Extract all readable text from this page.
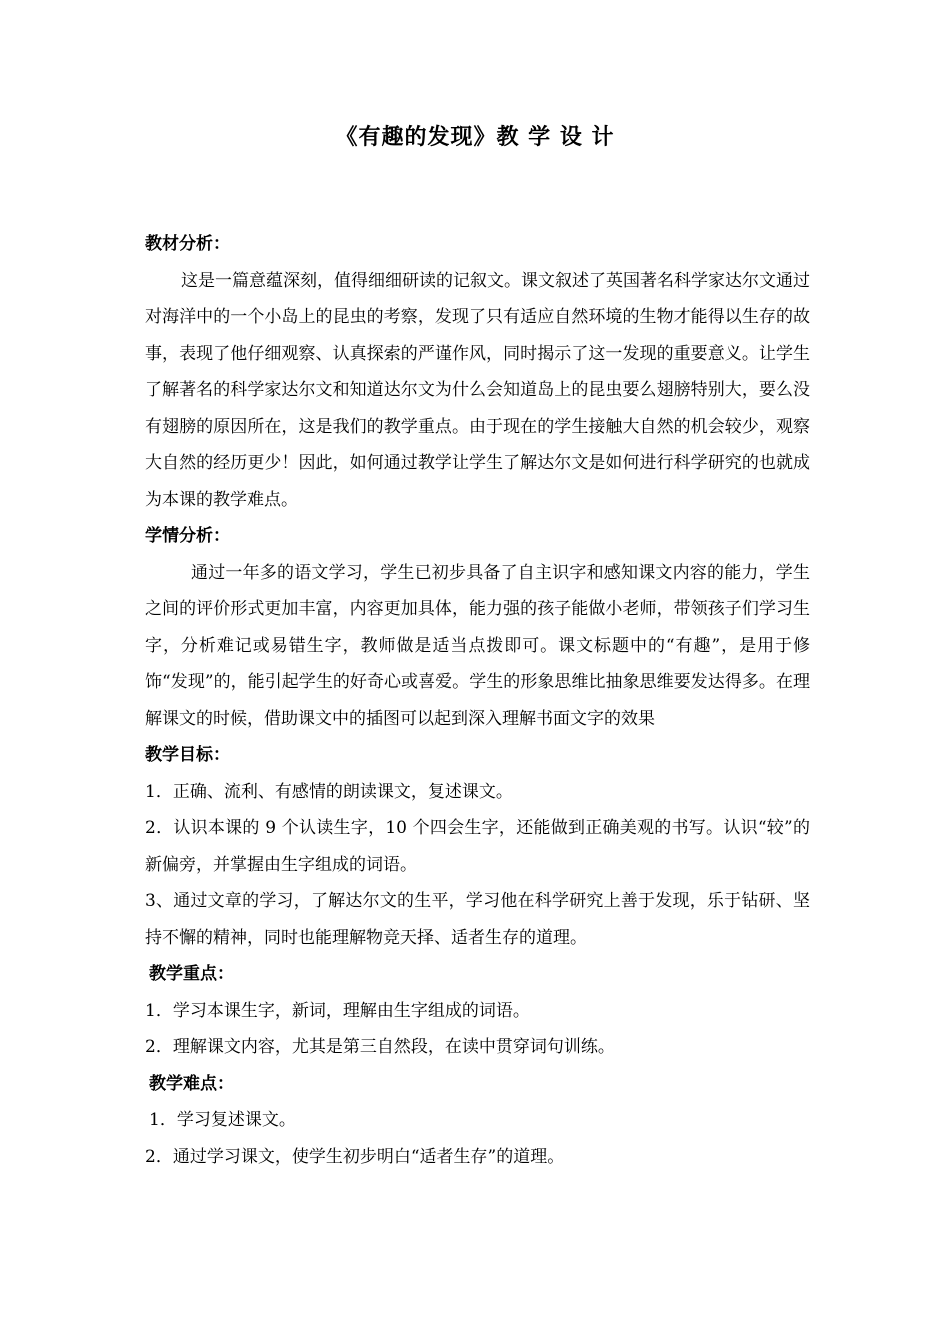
《有趣的发现》教 学 设 计

教材分析：

这是一篇意蕴深刻，值得细细研读的记叙文。课文叙述了英国著名科学家达尔文通过对海洋中的一个小岛上的昆虫的考察，发现了只有适应自然环境的生物才能得以生存的故事，表现了他仔细观察、认真探索的严谨作风，同时揭示了这一发现的重要意义。让学生了解著名的科学家达尔文和知道达尔文为什么会知道岛上的昆虫要么翅膀特别大，要么没有翅膀的原因所在，这是我们的教学重点。由于现在的学生接触大自然的机会较少，观察大自然的经历更少！因此，如何通过教学让学生了解达尔文是如何进行科学研究的也就成为本课的教学难点。

学情分析：

通过一年多的语文学习，学生已初步具备了自主识字和感知课文内容的能力，学生之间的评价形式更加丰富，内容更加具体，能力强的孩子能做小老师，带领孩子们学习生字，分析难记或易错生字，教师做是适当点拨即可。课文标题中的“有趣”，是用于修饰“发现”的，能引起学生的好奇心或喜爱。学生的形象思维比抽象思维要发达得多。在理解课文的时候，借助课文中的插图可以起到深入理解书面文字的效果

教学目标：

1．正确、流利、有感情的朗读课文，复述课文。

2．认识本课的 9 个认读生字，10 个四会生字，还能做到正确美观的书写。认识“较”的新偏旁，并掌握由生字组成的词语。

3、通过文章的学习，了解达尔文的生平，学习他在科学研究上善于发现，乐于钻研、坚持不懈的精神，同时也能理解物竞天择、适者生存的道理。

教学重点：

1．学习本课生字，新词，理解由生字组成的词语。

2．理解课文内容，尤其是第三自然段，在读中贯穿词句训练。

教学难点：

1．学习复述课文。

2．通过学习课文，使学生初步明白“适者生存”的道理。
